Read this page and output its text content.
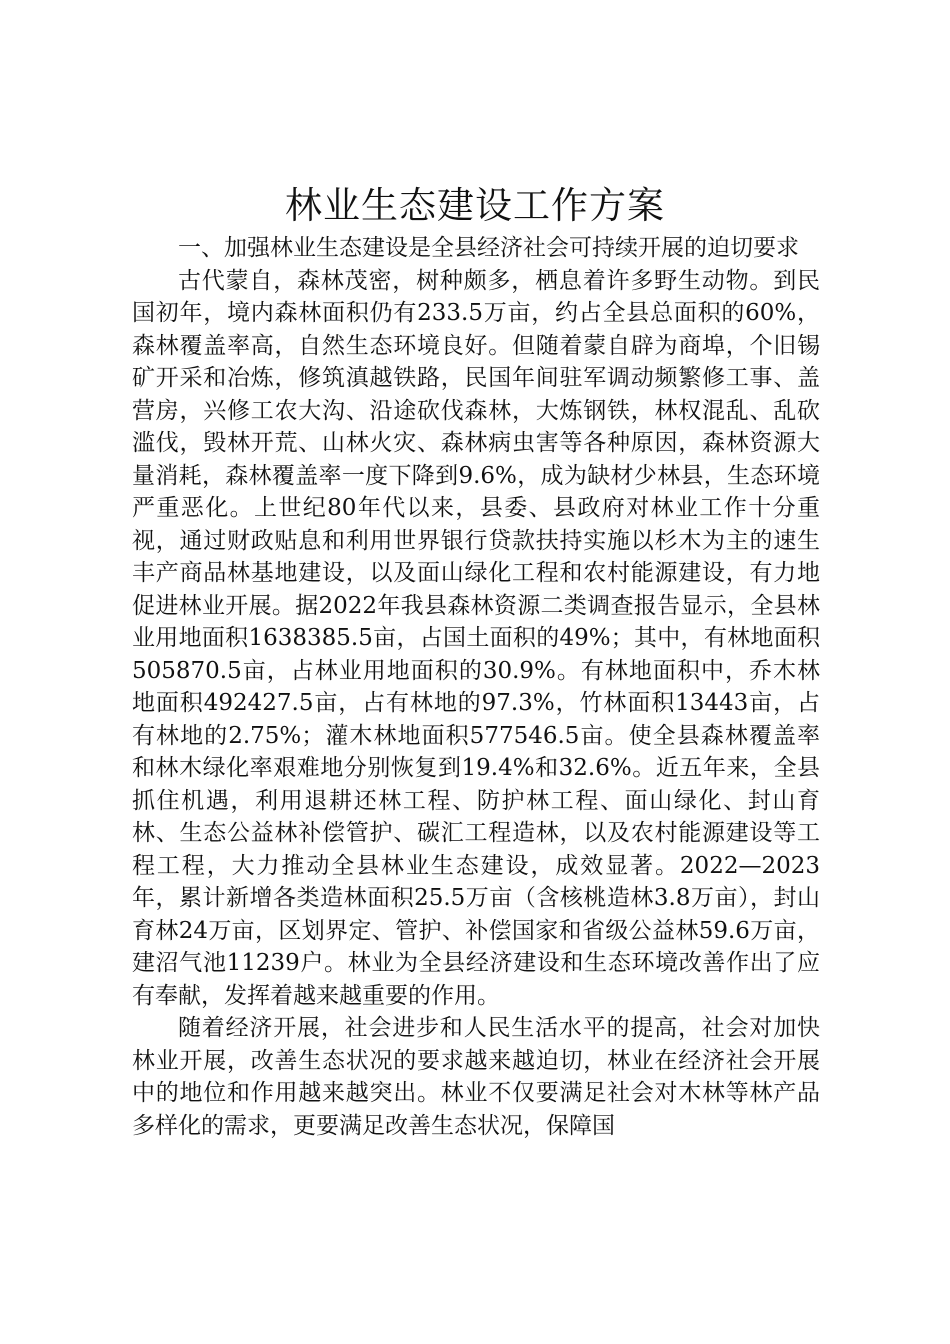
林业生态建设工作方案

一、加强林业生态建设是全县经济社会可持续开展的迫切要求

古代蒙自，森林茂密，树种颇多，栖息着许多野生动物。到民国初年，境内森林面积仍有233.5万亩，约占全县总面积的60%，森林覆盖率高，自然生态环境良好。但随着蒙自辟为商埠，个旧锡矿开采和冶炼，修筑滇越铁路，民国年间驻军调动频繁修工事、盖营房，兴修工农大沟、沿途砍伐森林，大炼钢铁，林权混乱、乱砍滥伐，毁林开荒、山林火灾、森林病虫害等各种原因，森林资源大量消耗，森林覆盖率一度下降到9.6%，成为缺材少林县，生态环境严重恶化。上世纪80年代以来，县委、县政府对林业工作十分重视，通过财政贴息和利用世界银行贷款扶持实施以杉木为主的速生丰产商品林基地建设，以及面山绿化工程和农村能源建设，有力地促进林业开展。据2022年我县森林资源二类调查报告显示，全县林业用地面积1638385.5亩，占国土面积的49%；其中，有林地面积505870.5亩，占林业用地面积的30.9%。有林地面积中，乔木林地面积492427.5亩，占有林地的97.3%，竹林面积13443亩，占有林地的2.75%；灌木林地面积577546.5亩。使全县森林覆盖率和林木绿化率艰难地分别恢复到19.4%和32.6%。近五年来，全县抓住机遇，利用退耕还林工程、防护林工程、面山绿化、封山育林、生态公益林补偿管护、碳汇工程造林，以及农村能源建设等工程工程，大力推动全县林业生态建设，成效显著。2022—2023年，累计新增各类造林面积25.5万亩（含核桃造林3.8万亩），封山育林24万亩，区划界定、管护、补偿国家和省级公益林59.6万亩，建沼气池11239户。林业为全县经济建设和生态环境改善作出了应有奉献，发挥着越来越重要的作用。

随着经济开展，社会进步和人民生活水平的提高，社会对加快林业开展，改善生态状况的要求越来越迫切，林业在经济社会开展中的地位和作用越来越突出。林业不仅要满足社会对木林等林产品多样化的需求，更要满足改善生态状况，保障国
